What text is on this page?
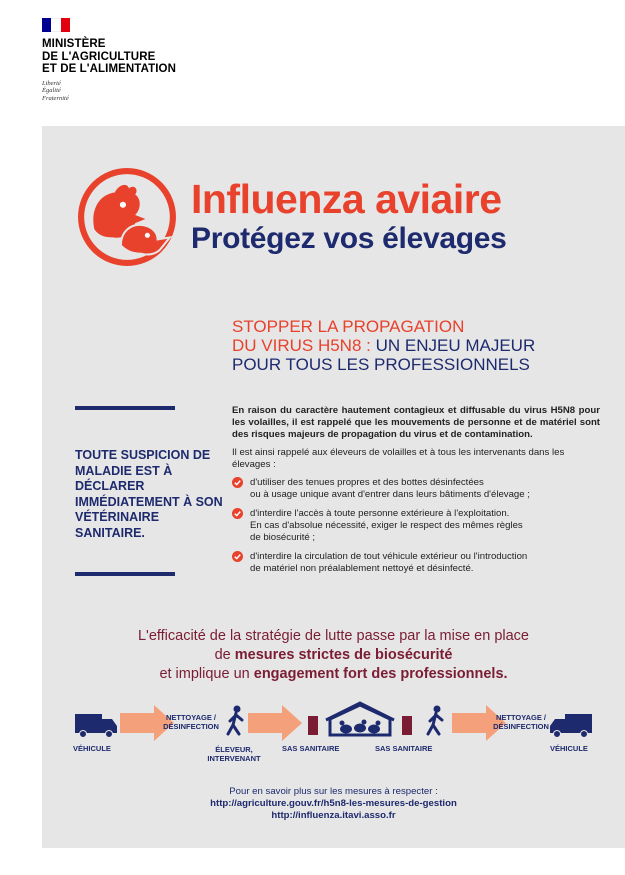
MINISTÈRE
DE L'AGRICULTURE
ET DE L'ALIMENTATION
Liberté
Égalité
Fraternité
Influenza aviaire
Protégez vos élevages
STOPPER LA PROPAGATION
DU VIRUS H5N8 : UN ENJEU MAJEUR
POUR TOUS LES PROFESSIONNELS
TOUTE SUSPICION DE MALADIE EST À DÉCLARER IMMÉDIATEMENT À SON VÉTÉRINAIRE SANITAIRE.

En raison du caractère hautement contagieux et diffusable du virus H5N8 pour les volailles, il est rappelé que les mouvements de personne et de matériel sont des risques majeurs de propagation du virus et de contamination.

Il est ainsi rappelé aux éleveurs de volailles et à tous les intervenants dans les élevages :

d'utiliser des tenues propres et des bottes désinfectées
ou à usage unique avant d'entrer dans leurs bâtiments d'élevage ;
d'interdire l'accès à toute personne extérieure à l'exploitation.
En cas d'absolue nécessité, exiger le respect des mêmes règles
de biosécurité ;
d'interdire la circulation de tout véhicule extérieur ou l'introduction
de matériel non préalablement nettoyé et désinfecté.
L'efficacité de la stratégie de lutte passe par la mise en place
de mesures strictes de biosécurité
et implique un engagement fort des professionnels.
VÉHICULE
NETTOYAGE / DÉSINFECTION
ÉLEVEUR,
INTERVENANT
SAS SANITAIRE	SAS SANITAIRE
NETTOYAGE / DÉSINFECTION
VÉHICULE
Pour en savoir plus sur les mesures à respecter :
http://agriculture.gouv.fr/h5n8-les-mesures-de-gestion
http://influenza.itavi.asso.fr
